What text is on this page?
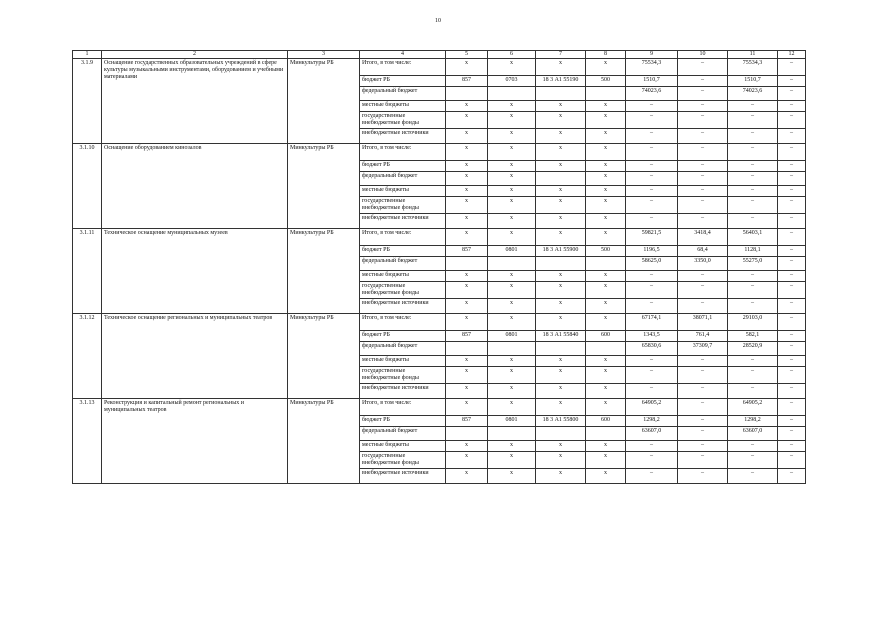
10
1	2	3	4	5	6	7	8	9	10	11	12
3.1.9	Оснащение государственных образовательных учреждений в сфере культуры музыкальными инструментами, оборудованием и учебными материалами	Минкультуры РБ	Итого, в том числе:	x	x	x	x	75534,3	–	75534,3	–
			бюджет РБ	857	0703	18 3 А1 55190	500	1510,7	–	1510,7	–
			федеральный бюджет					74023,6	–	74023,6	–
			местные бюджеты	x	x	x	x	–	–	–	–
			государственные внебюджетные фонды	x	x	x	x	–	–	–	–
			внебюджетные источники	x	x	x	x	–	–	–	–
3.1.10	Оснащение оборудованием кинозалов	Минкультуры РБ	Итого, в том числе:	x	x	x	x	–	–	–	–
			бюджет РБ	x	x	x	x	–	–	–	–
			федеральный бюджет	x	x		x	–	–	–	–
			местные бюджеты	x	x	x	x	–	–	–	–
			государственные внебюджетные фонды	x	x	x	x	–	–	–	–
			внебюджетные источники	x	x	x	x	–	–	–	–
3.1.11	Техническое оснащение муниципальных музеев	Минкультуры РБ	Итого, в том числе:	x	x	x	x	59821,5	3418,4	56403,1	–
			бюджет РБ	857	0801	18 3 А1 55900	500	1196,5	68,4	1128,1	–
			федеральный бюджет					58625,0	3350,0	55275,0	–
			местные бюджеты	x	x	x	x	–	–	–	–
			государственные внебюджетные фонды	x	x	x	x	–	–	–	–
			внебюджетные источники	x	x	x	x	–	–	–	–
3.1.12	Техническое оснащение региональных и муниципальных театров	Минкультуры РБ	Итого, в том числе:	x	x	x	x	67174,1	38071,1	29103,0	–
			бюджет РБ	857	0801	18 3 А1 55840	600	1343,5	761,4	582,1	–
			федеральный бюджет					65830,6	37309,7	28520,9	–
			местные бюджеты	x	x	x	x	–	–	–	–
			государственные внебюджетные фонды	x	x	x	x	–	–	–	–
			внебюджетные источники	x	x	x	x	–	–	–	–
3.1.13	Реконструкция и капитальный ремонт региональных и муниципальных театров	Минкультуры РБ	Итого, в том числе:	x	x	x	x	64905,2	–	64905,2	–
			бюджет РБ	857	0801	18 3 А1 55800	600	1298,2	–	1298,2	–
			федеральный бюджет					63607,0	–	63607,0	–
			местные бюджеты	x	x	x	x	–	–	–	–
			государственные внебюджетные фонды	x	x	x	x	–	–	–	–
			внебюджетные источники	x	x	x	x	–	–	–	–
